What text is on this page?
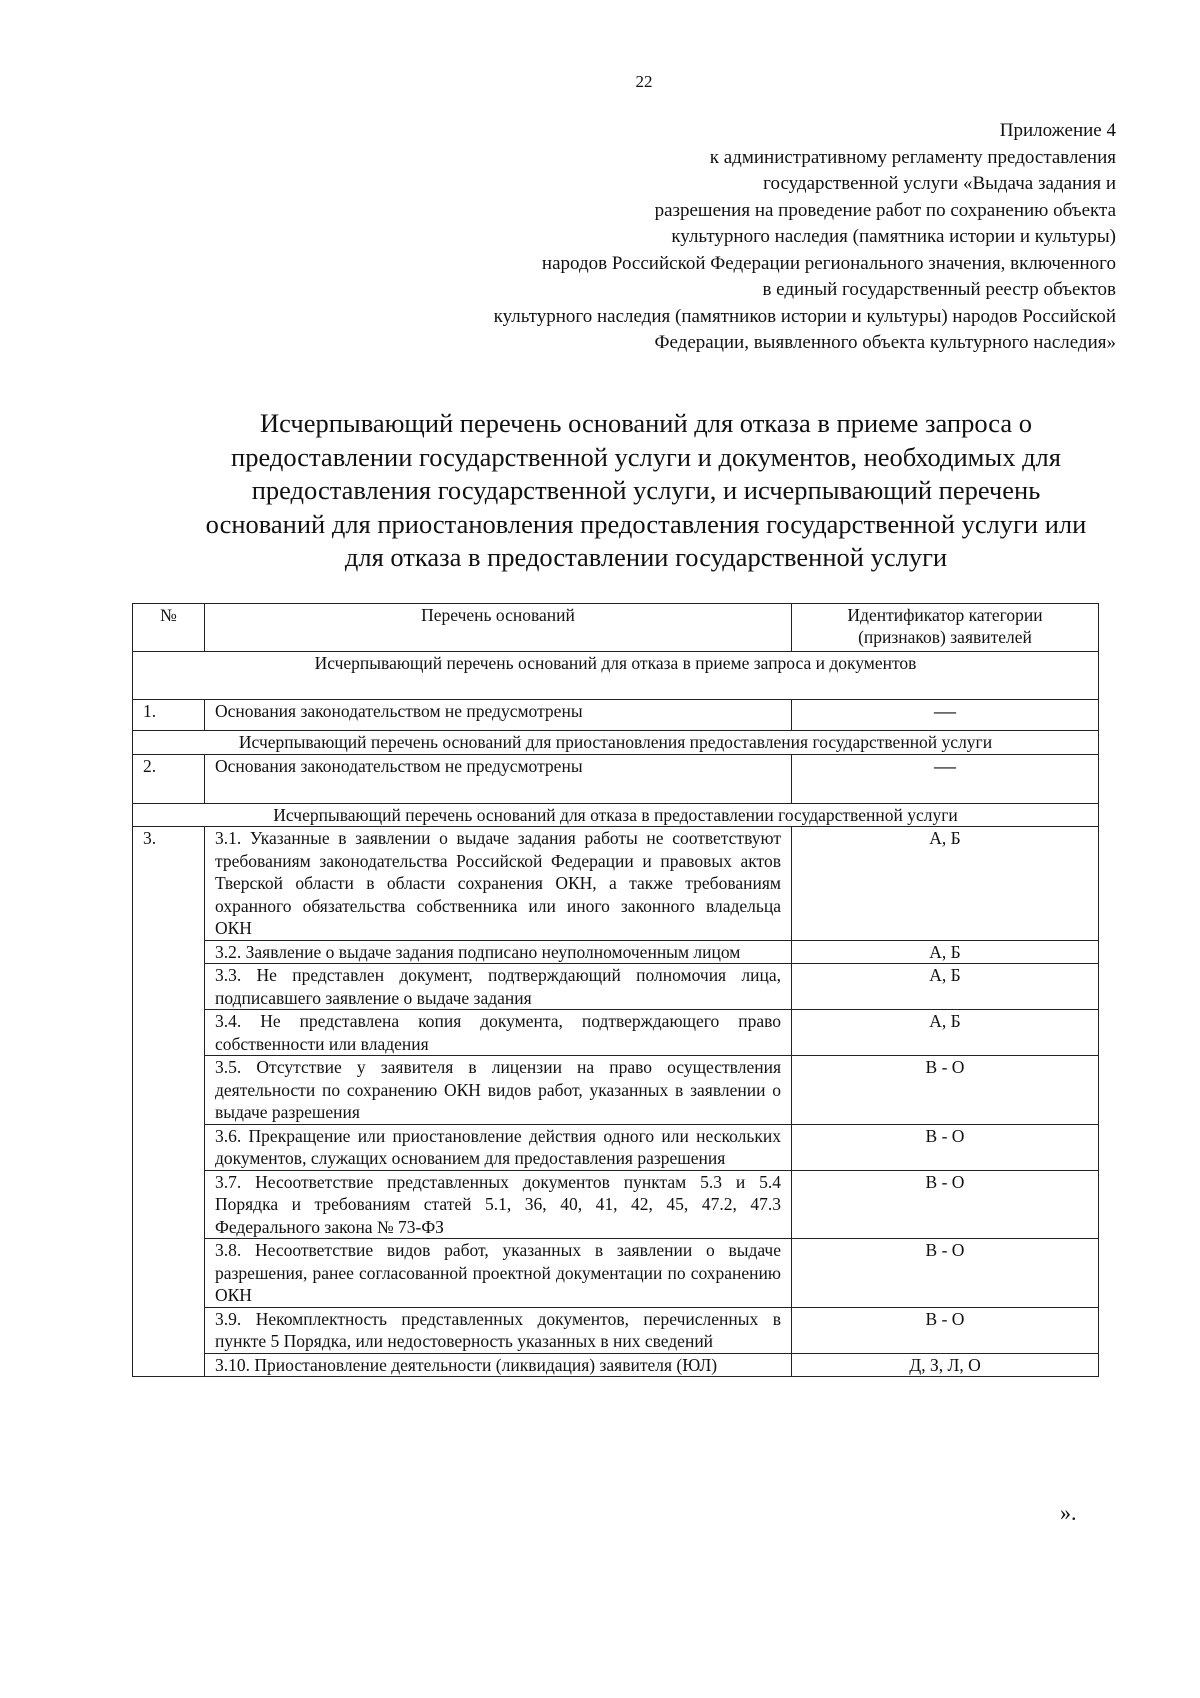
22
Приложение 4
к административному регламенту предоставления
государственной услуги «Выдача задания и
разрешения на проведение работ по сохранению объекта
культурного наследия (памятника истории и культуры)
народов Российской Федерации регионального значения, включенного
в единый государственный реестр объектов
культурного наследия (памятников истории и культуры) народов Российской
Федерации, выявленного объекта культурного наследия»
Исчерпывающий перечень оснований для отказа в приеме запроса о
предоставлении государственной услуги и документов, необходимых для
предоставления государственной услуги, и исчерпывающий перечень
оснований для приостановления предоставления государственной услуги или
для отказа в предоставлении государственной услуги
№	Перечень оснований	Идентификатор категории (признаков) заявителей
Исчерпывающий перечень оснований для отказа в приеме запроса и документов		
1.	Основания законодательством не предусмотрены	—
Исчерпывающий перечень оснований для приостановления предоставления государственной услуги		
2.	Основания законодательством не предусмотрены	—
Исчерпывающий перечень оснований для отказа в предоставлении государственной услуги		
3.	3.1. Указанные в заявлении о выдаче задания работы не соответствуют требованиям законодательства Российской Федерации и правовых актов Тверской области в области сохранения ОКН, а также требованиям охранного обязательства собственника или иного законного владельца ОКН	А, Б
	3.2. Заявление о выдаче задания подписано неуполномоченным лицом	А, Б
	3.3. Не представлен документ, подтверждающий полномочия лица, подписавшего заявление о выдаче задания	А, Б
	3.4. Не представлена копия документа, подтверждающего право собственности или владения	А, Б
	3.5. Отсутствие у заявителя в лицензии на право осуществления деятельности по сохранению ОКН видов работ, указанных в заявлении о выдаче разрешения	В - О
	3.6. Прекращение или приостановление действия одного или нескольких документов, служащих основанием для предоставления разрешения	В - О
	3.7. Несоответствие представленных документов пунктам 5.3 и 5.4 Порядка и требованиям статей 5.1, 36, 40, 41, 42, 45, 47.2, 47.3 Федерального закона № 73-ФЗ	В - О
	3.8. Несоответствие видов работ, указанных в заявлении о выдаче разрешения, ранее согласованной проектной документации по сохранению ОКН	В - О
	3.9. Некомплектность представленных документов, перечисленных в пункте 5 Порядка, или недостоверность указанных в них сведений	В - О
	3.10. Приостановление деятельности (ликвидация) заявителя (ЮЛ)	Д, З, Л, О
».
